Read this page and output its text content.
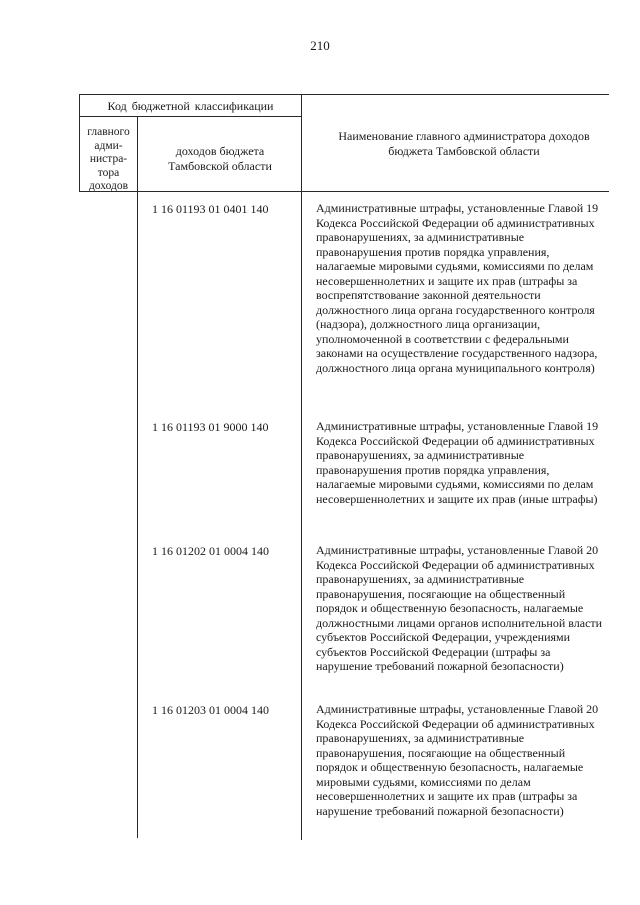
210
Код бюджетной классификации
главного адми-нистра-тора доходов
доходов бюджета Тамбовской области
Наименование главного администратора доходов бюджета Тамбовской области
1 16 01193 01 0401 140	Административные штрафы, установленные Главой 19 Кодекса Российской Федерации об административных правонарушениях, за административные правонарушения против порядка управления, налагаемые мировыми судьями, комиссиями по делам несовершеннолетних и защите их прав (штрафы за воспрепятствование законной деятельности должностного лица органа государственного контроля (надзора), должностного лица организации, уполномоченной в соответствии с федеральными законами на осуществление государственного надзора, должностного лица органа муниципального контроля)
1 16 01193 01 9000 140	Административные штрафы, установленные Главой 19 Кодекса Российской Федерации об административных правонарушениях, за административные правонарушения против порядка управления, налагаемые мировыми судьями, комиссиями по делам несовершеннолетних и защите их прав (иные штрафы)
1 16 01202 01 0004 140	Административные штрафы, установленные Главой 20 Кодекса Российской Федерации об административных правонарушениях, за административные правонарушения, посягающие на общественный порядок и общественную безопасность, налагаемые должностными лицами органов исполнительной власти субъектов Российской Федерации, учреждениями субъектов Российской Федерации (штрафы за нарушение требований пожарной безопасности)
1 16 01203 01 0004 140	Административные штрафы, установленные Главой 20 Кодекса Российской Федерации об административных правонарушениях, за административные правонарушения, посягающие на общественный порядок и общественную безопасность, налагаемые мировыми судьями, комиссиями по делам несовершеннолетних и защите их прав (штрафы за нарушение требований пожарной безопасности)
